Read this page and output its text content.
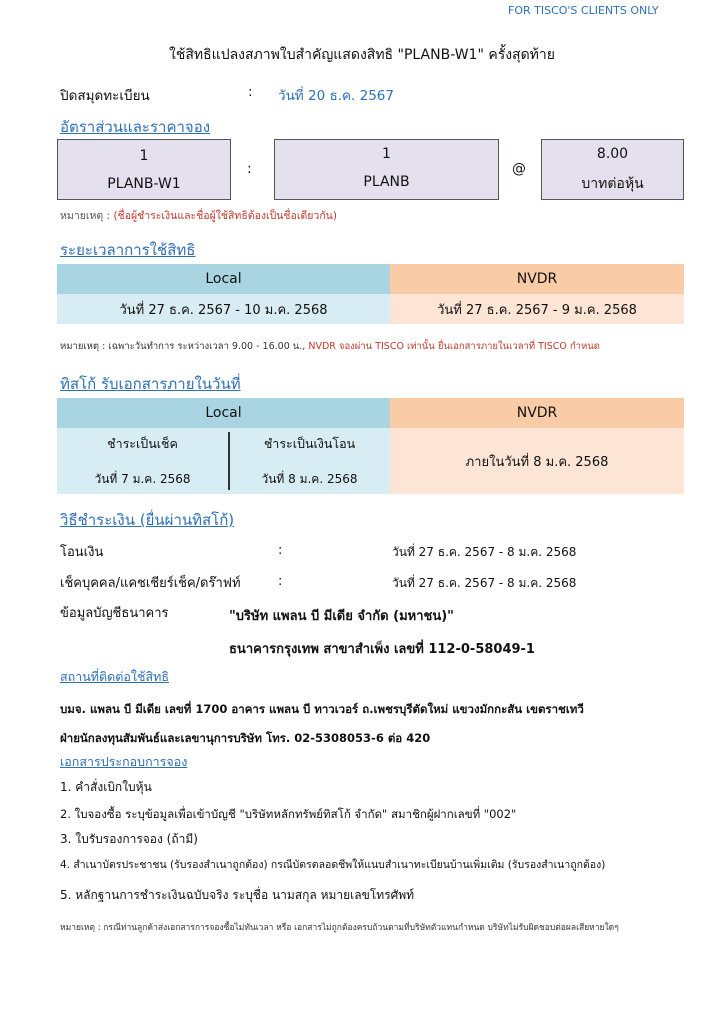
FOR TISCO'S CLIENTS ONLY
ใช้สิทธิแปลงสภาพใบสำคัญแสดงสิทธิ "PLANB-W1" ครั้งสุดท้าย
ปิดสมุดทะเบียน	: วันที่ 20 ธ.ค. 2567
อัตราส่วนและราคาจอง
1
PLANB-W1
:
1
PLANB
@
8.00
บาทต่อหุ้น
หมายเหตุ : (ชื่อผู้ชำระเงินและชื่อผู้ใช้สิทธิต้องเป็นชื่อเดียวกัน)
ระยะเวลาการใช้สิทธิ
Local	NVDR
วันที่ 27 ธ.ค. 2567 - 10 ม.ค. 2568	วันที่ 27 ธ.ค. 2567 - 9 ม.ค. 2568
หมายเหตุ : เฉพาะวันทำการ ระหว่างเวลา 9.00 - 16.00 น., NVDR จองผ่าน TISCO เท่านั้น ยื่นเอกสารภายในเวลาที่ TISCO กำหนด
ทิสโก้ รับเอกสารภายในวันที่
Local	NVDR
ชำระเป็นเช็ค
วันที่ 7 ม.ค. 2568
ชำระเป็นเงินโอน
วันที่ 8 ม.ค. 2568
ภายในวันที่ 8 ม.ค. 2568
วิธีชำระเงิน (ยื่นผ่านทิสโก้)
โอนเงิน	:	วันที่ 27 ธ.ค. 2567 - 8 ม.ค. 2568
เช็คบุคคล/แคชเชียร์เช็ค/ดร๊าฟท์	:	วันที่ 27 ธ.ค. 2567 - 8 ม.ค. 2568
ข้อมูลบัญชีธนาคาร	"บริษัท แพลน บี มีเดีย จำกัด (มหาชน)"
ธนาคารกรุงเทพ สาขาสำเพ็ง เลขที่ 112-0-58049-1
สถานที่ติดต่อใช้สิทธิ
บมจ. แพลน บี มีเดีย เลขที่ 1700 อาคาร แพลน บี ทาวเวอร์ ถ.เพชรบุรีตัดใหม่ แขวงมักกะสัน เขตราชเทวี
ฝ่ายนักลงทุนสัมพันธ์และเลขานุการบริษัท โทร. 02-5308053-6 ต่อ 420
เอกสารประกอบการจอง
1. คำสั่งเบิกใบหุ้น
2. ใบจองซื้อ ระบุข้อมูลเพื่อเข้าบัญชี "บริษัทหลักทรัพย์ทิสโก้ จำกัด" สมาชิกผู้ฝากเลขที่ "002"
3. ใบรับรองการจอง (ถ้ามี)
4. สำเนาบัตรประชาชน (รับรองสำเนาถูกต้อง) กรณีบัตรตลอดชีพให้แนบสำเนาทะเบียนบ้านเพิ่มเติม (รับรองสำเนาถูกต้อง)
5. หลักฐานการชำระเงินฉบับจริง ระบุชื่อ นามสกุล หมายเลขโทรศัพท์
หมายเหตุ : กรณีท่านลูกค้าส่งเอกสารการจองซื้อไม่ทันเวลา หรือ เอกสารไม่ถูกต้องครบถ้วนตามที่บริษัทตัวแทนกำหนด บริษัทไม่รับผิดชอบต่อผลเสียหายใดๆ
